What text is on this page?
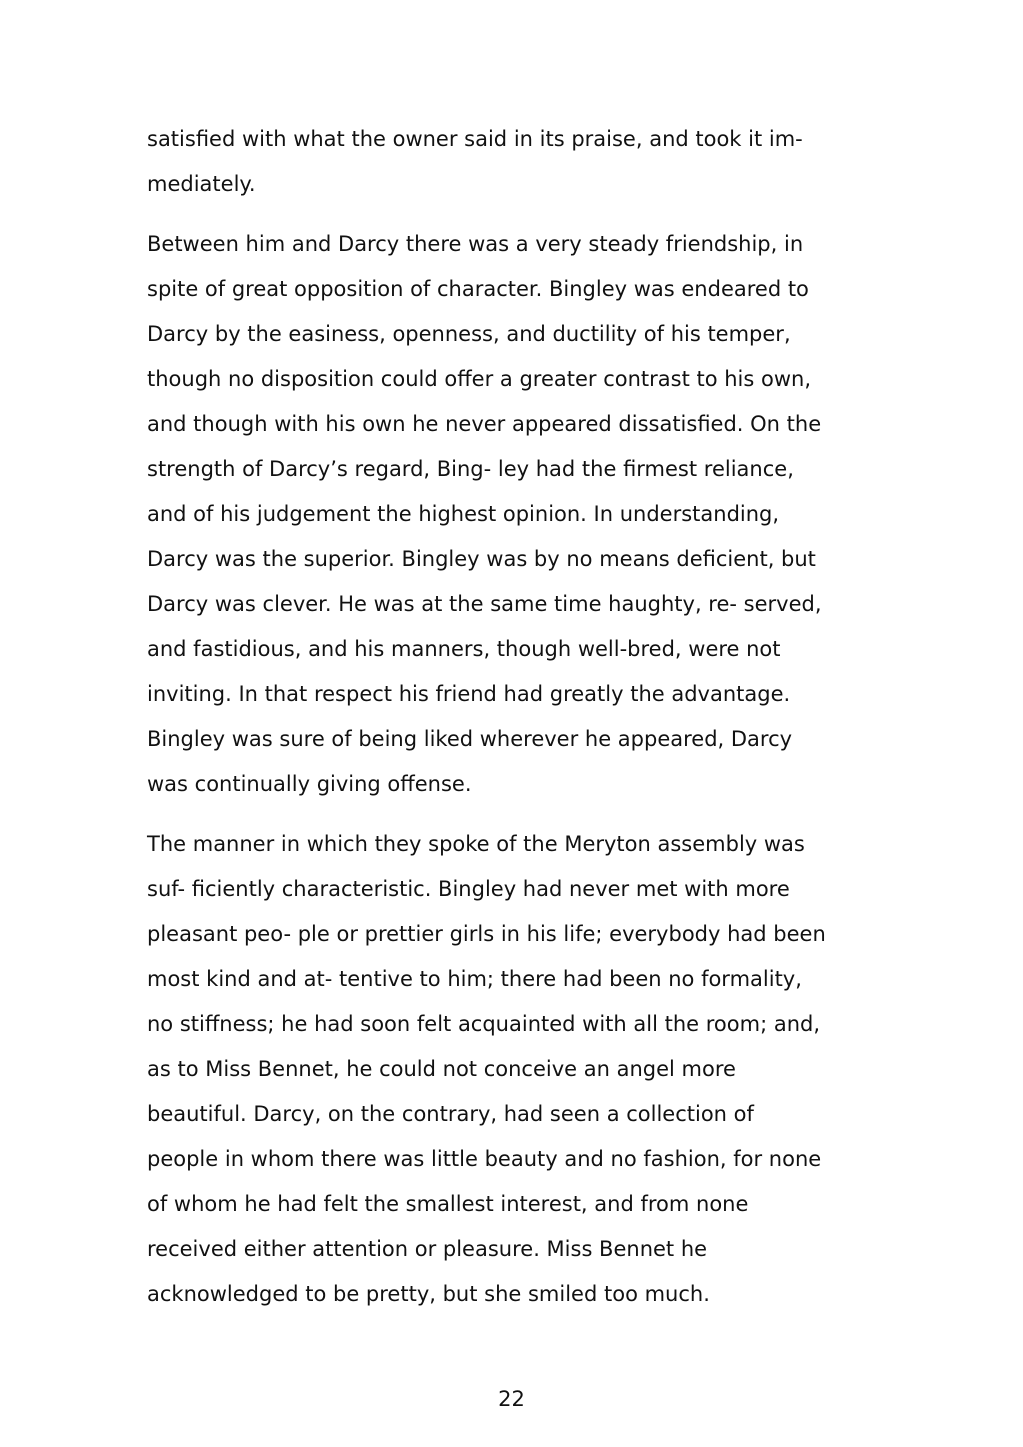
satisfied with what the owner said in its praise, and took it im-
mediately.

Between him and Darcy there was a very steady friendship, in
spite of great opposition of character. Bingley was endeared to
Darcy by the easiness, openness, and ductility of his temper,
though no disposition could offer a greater contrast to his own,
and though with his own he never appeared dissatisfied. On the
strength of Darcy’s regard, Bing- ley had the firmest reliance,
and of his judgement the highest opinion. In understanding,
Darcy was the superior. Bingley was by no means deficient, but
Darcy was clever. He was at the same time haughty, re- served,
and fastidious, and his manners, though well-bred, were not
inviting. In that respect his friend had greatly the advantage.
Bingley was sure of being liked wherever he appeared, Darcy
was continually giving offense.

The manner in which they spoke of the Meryton assembly was
suf- ficiently characteristic. Bingley had never met with more
pleasant peo- ple or prettier girls in his life; everybody had been
most kind and at- tentive to him; there had been no formality,
no stiffness; he had soon felt acquainted with all the room; and,
as to Miss Bennet, he could not conceive an angel more
beautiful. Darcy, on the contrary, had seen a collection of
people in whom there was little beauty and no fashion, for none
of whom he had felt the smallest interest, and from none
received either attention or pleasure. Miss Bennet he
acknowledged to be pretty, but she smiled too much.

22
